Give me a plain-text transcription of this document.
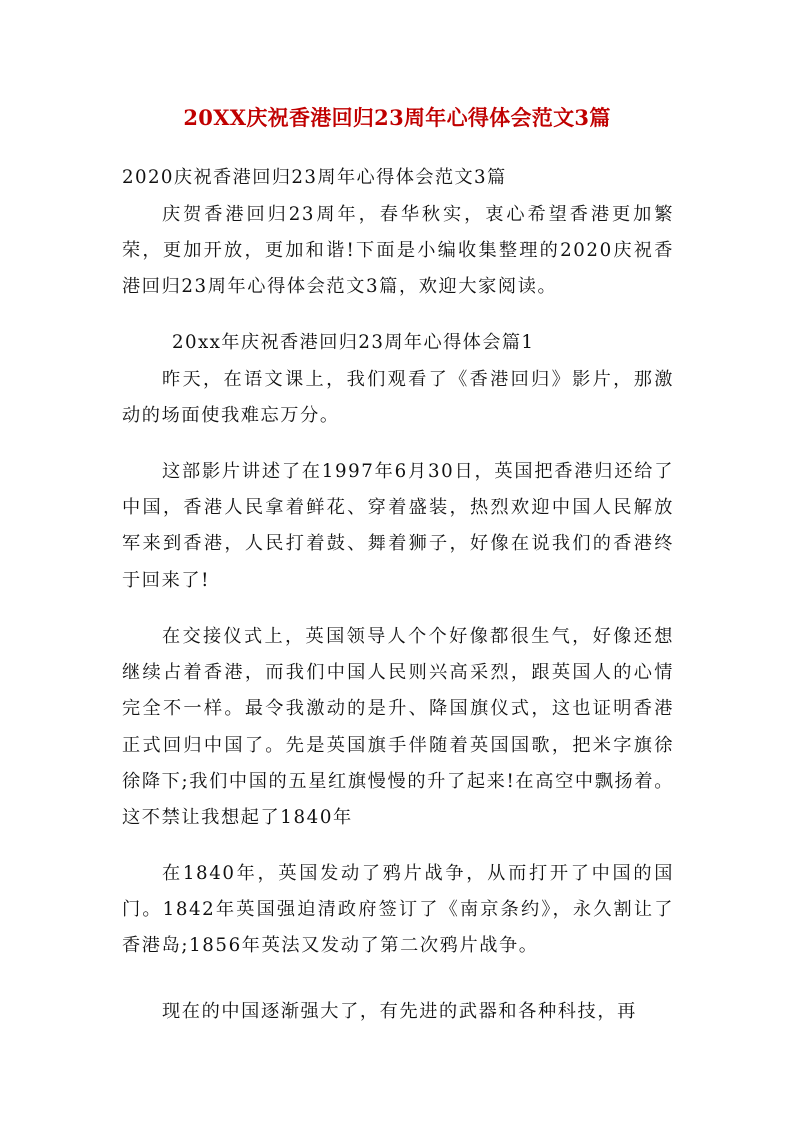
20XX庆祝香港回归23周年心得体会范文3篇

2020庆祝香港回归23周年心得体会范文3篇

庆贺香港回归23周年，春华秋实，衷心希望香港更加繁荣，更加开放，更加和谐!下面是小编收集整理的2020庆祝香港回归23周年心得体会范文3篇，欢迎大家阅读。

20xx年庆祝香港回归23周年心得体会篇1

昨天，在语文课上，我们观看了《香港回归》影片，那激动的场面使我难忘万分。

这部影片讲述了在1997年6月30日，英国把香港归还给了中国，香港人民拿着鲜花、穿着盛装，热烈欢迎中国人民解放军来到香港，人民打着鼓、舞着狮子，好像在说我们的香港终于回来了!

在交接仪式上，英国领导人个个好像都很生气，好像还想继续占着香港，而我们中国人民则兴高采烈，跟英国人的心情完全不一样。最令我激动的是升、降国旗仪式，这也证明香港正式回归中国了。先是英国旗手伴随着英国国歌，把米字旗徐徐降下;我们中国的五星红旗慢慢的升了起来!在高空中飘扬着。这不禁让我想起了1840年

在1840年，英国发动了鸦片战争，从而打开了中国的国门。1842年英国强迫清政府签订了《南京条约》，永久割让了香港岛;1856年英法又发动了第二次鸦片战争。

现在的中国逐渐强大了，有先进的武器和各种科技，再
